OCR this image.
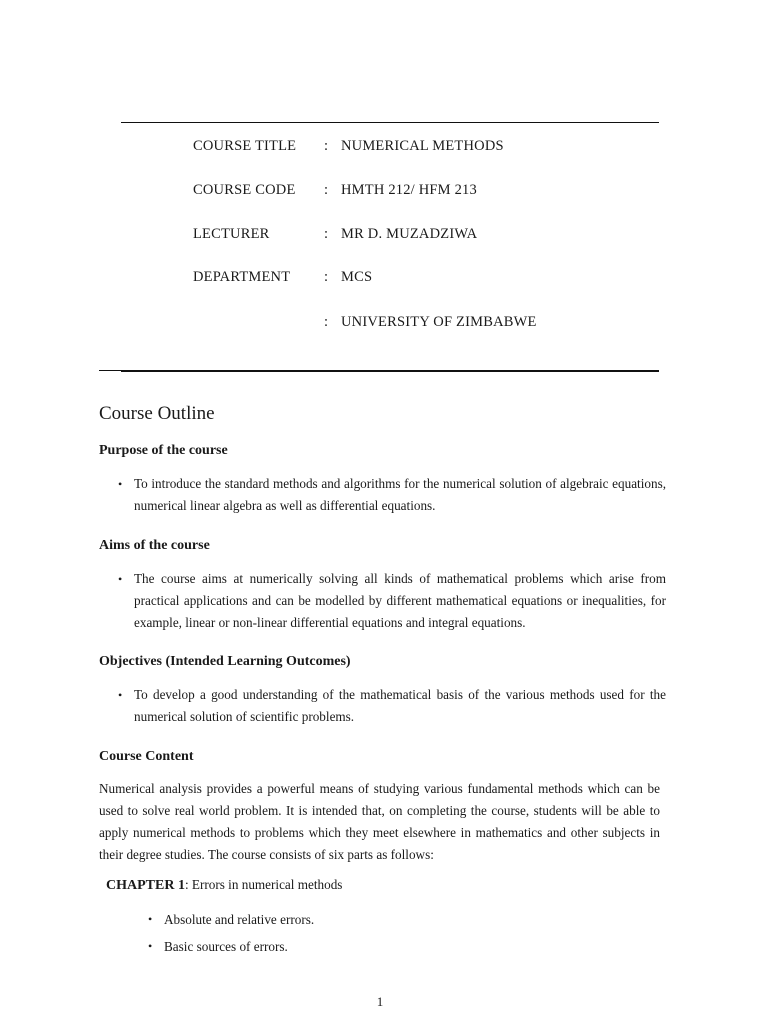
COURSE TITLE : NUMERICAL METHODS
COURSE CODE : HMTH 212/ HFM 213
LECTURER	: MR D. MUZADZIWA
DEPARTMENT : MCS
: UNIVERSITY OF ZIMBABWE
Course Outline
Purpose of the course
• To introduce the standard methods and algorithms for the numerical solution of algebraic equations, numerical linear algebra as well as differential equations.
Aims of the course
• The course aims at numerically solving all kinds of mathematical problems which arise from practical applications and can be modelled by different mathematical equations or inequalities, for example, linear or non-linear differential equations and integral equations.
Objectives (Intended Learning Outcomes)
• To develop a good understanding of the mathematical basis of the various methods used for the numerical solution of scientific problems.
Course Content
Numerical analysis provides a powerful means of studying various fundamental methods which can be used to solve real world problem. It is intended that, on completing the course, students will be able to apply numerical methods to problems which they meet elsewhere in mathematics and other subjects in their degree studies. The course consists of six parts as follows:
CHAPTER 1: Errors in numerical methods
• Absolute and relative errors.
• Basic sources of errors.
1
